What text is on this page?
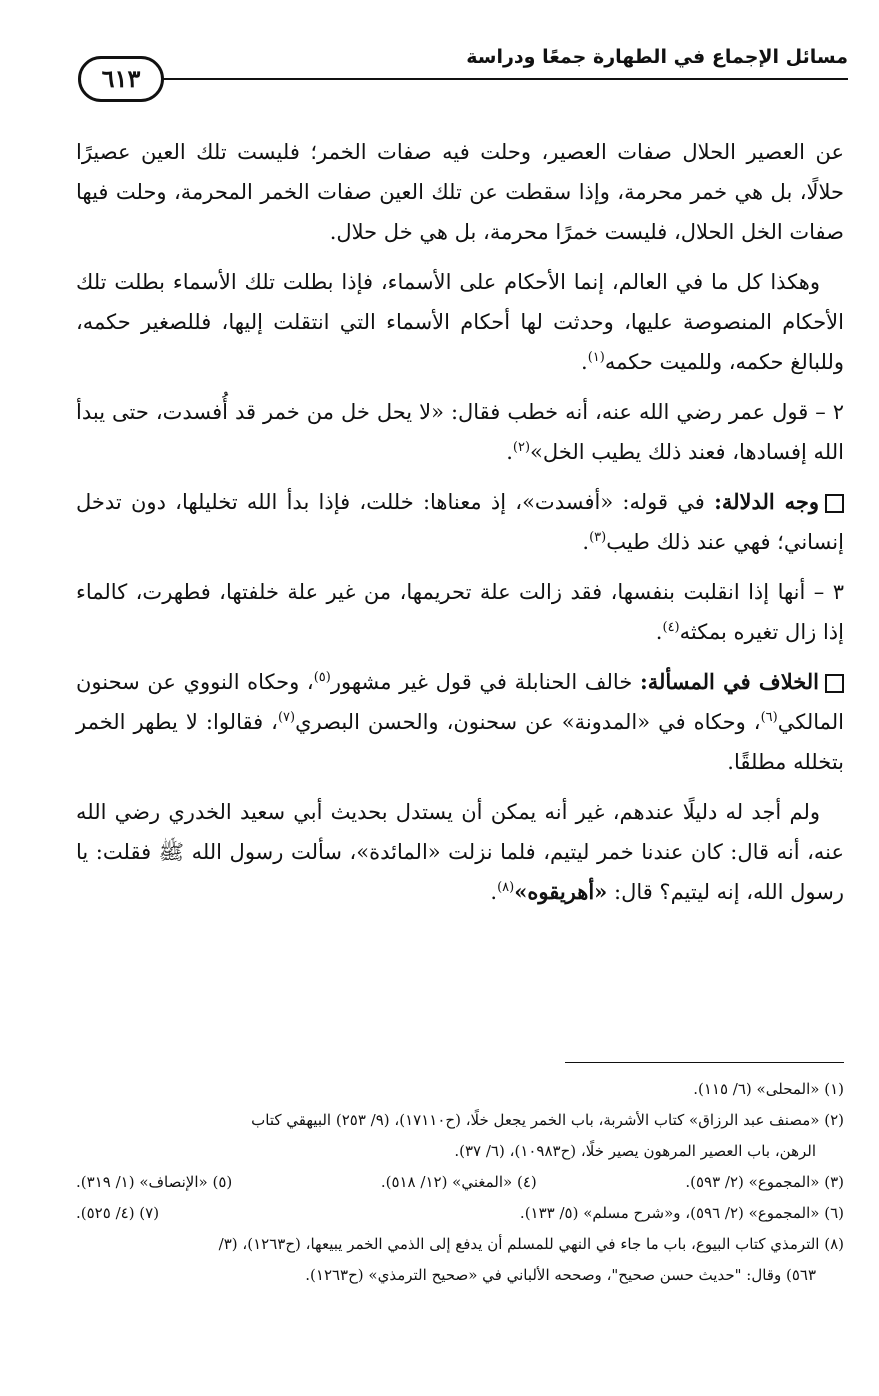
٦١٣
مسائل الإجماع في الطهارة جمعًا ودراسة

عن العصير الحلال صفات العصير، وحلت فيه صفات الخمر؛ فليست تلك العين عصيرًا حلالًا، بل هي خمر محرمة، وإذا سقطت عن تلك العين صفات الخمر المحرمة، وحلت فيها صفات الخل الحلال، فليست خمرًا محرمة، بل هي خل حلال.

وهكذا كل ما في العالم، إنما الأحكام على الأسماء، فإذا بطلت تلك الأسماء بطلت تلك الأحكام المنصوصة عليها، وحدثت لها أحكام الأسماء التي انتقلت إليها، فللصغير حكمه، وللبالغ حكمه، وللميت حكمه$^{(١)}$.

٢ – قول عمر رضي الله عنه، أنه خطب فقال: «لا يحل خل من خمر قد أُفسدت، حتى يبدأ الله إفسادها، فعند ذلك يطيب الخل»$^{(٢)}$.

وجه الدلالة: في قوله: «أفسدت»، إذ معناها: خللت، فإذا بدأ الله تخليلها، دون تدخل إنساني؛ فهي عند ذلك طيب$^{(٣)}$.

٣ – أنها إذا انقلبت بنفسها، فقد زالت علة تحريمها، من غير علة خلفتها، فطهرت، كالماء إذا زال تغيره بمكثه$^{(٤)}$.

الخلاف في المسألة: خالف الحنابلة في قول غير مشهور$^{(٥)}$، وحكاه النووي عن سحنون المالكي$^{(٦)}$، وحكاه في «المدونة» عن سحنون، والحسن البصري$^{(٧)}$، فقالوا: لا يطهر الخمر بتخلله مطلقًا.

ولم أجد له دليلًا عندهم، غير أنه يمكن أن يستدل بحديث أبي سعيد الخدري رضي الله عنه، أنه قال: كان عندنا خمر ليتيم، فلما نزلت «المائدة»، سألت رسول الله ﷺ فقلت: يا رسول الله، إنه ليتيم؟ قال: «أهريقوه»$^{(٨)}$.

(١) «المحلى» (٦/ ١١٥).

(٢) «مصنف عبد الرزاق» كتاب الأشربة، باب الخمر يجعل خلًا، (ح١٧١١٠)، (٩/ ٢٥٣) البيهقي كتاب

الرهن، باب العصير المرهون يصير خلًا، (ح١٠٩٨٣)، (٦/ ٣٧).

(٣) «المجموع» (٢/ ٥٩٣).

(٤) «المغني» (١٢/ ٥١٨).

(٥) «الإنصاف» (١/ ٣١٩).

(٦) «المجموع» (٢/ ٥٩٦)، و«شرح مسلم» (٥/ ١٣٣).

(٧) (٤/ ٥٢٥).

(٨) الترمذي كتاب البيوع، باب ما جاء في النهي للمسلم أن يدفع إلى الذمي الخمر يبيعها، (ح١٢٦٣)، (٣/

٥٦٣) وقال: "حديث حسن صحيح"، وصححه الألباني في «صحيح الترمذي» (ح١٢٦٣).
